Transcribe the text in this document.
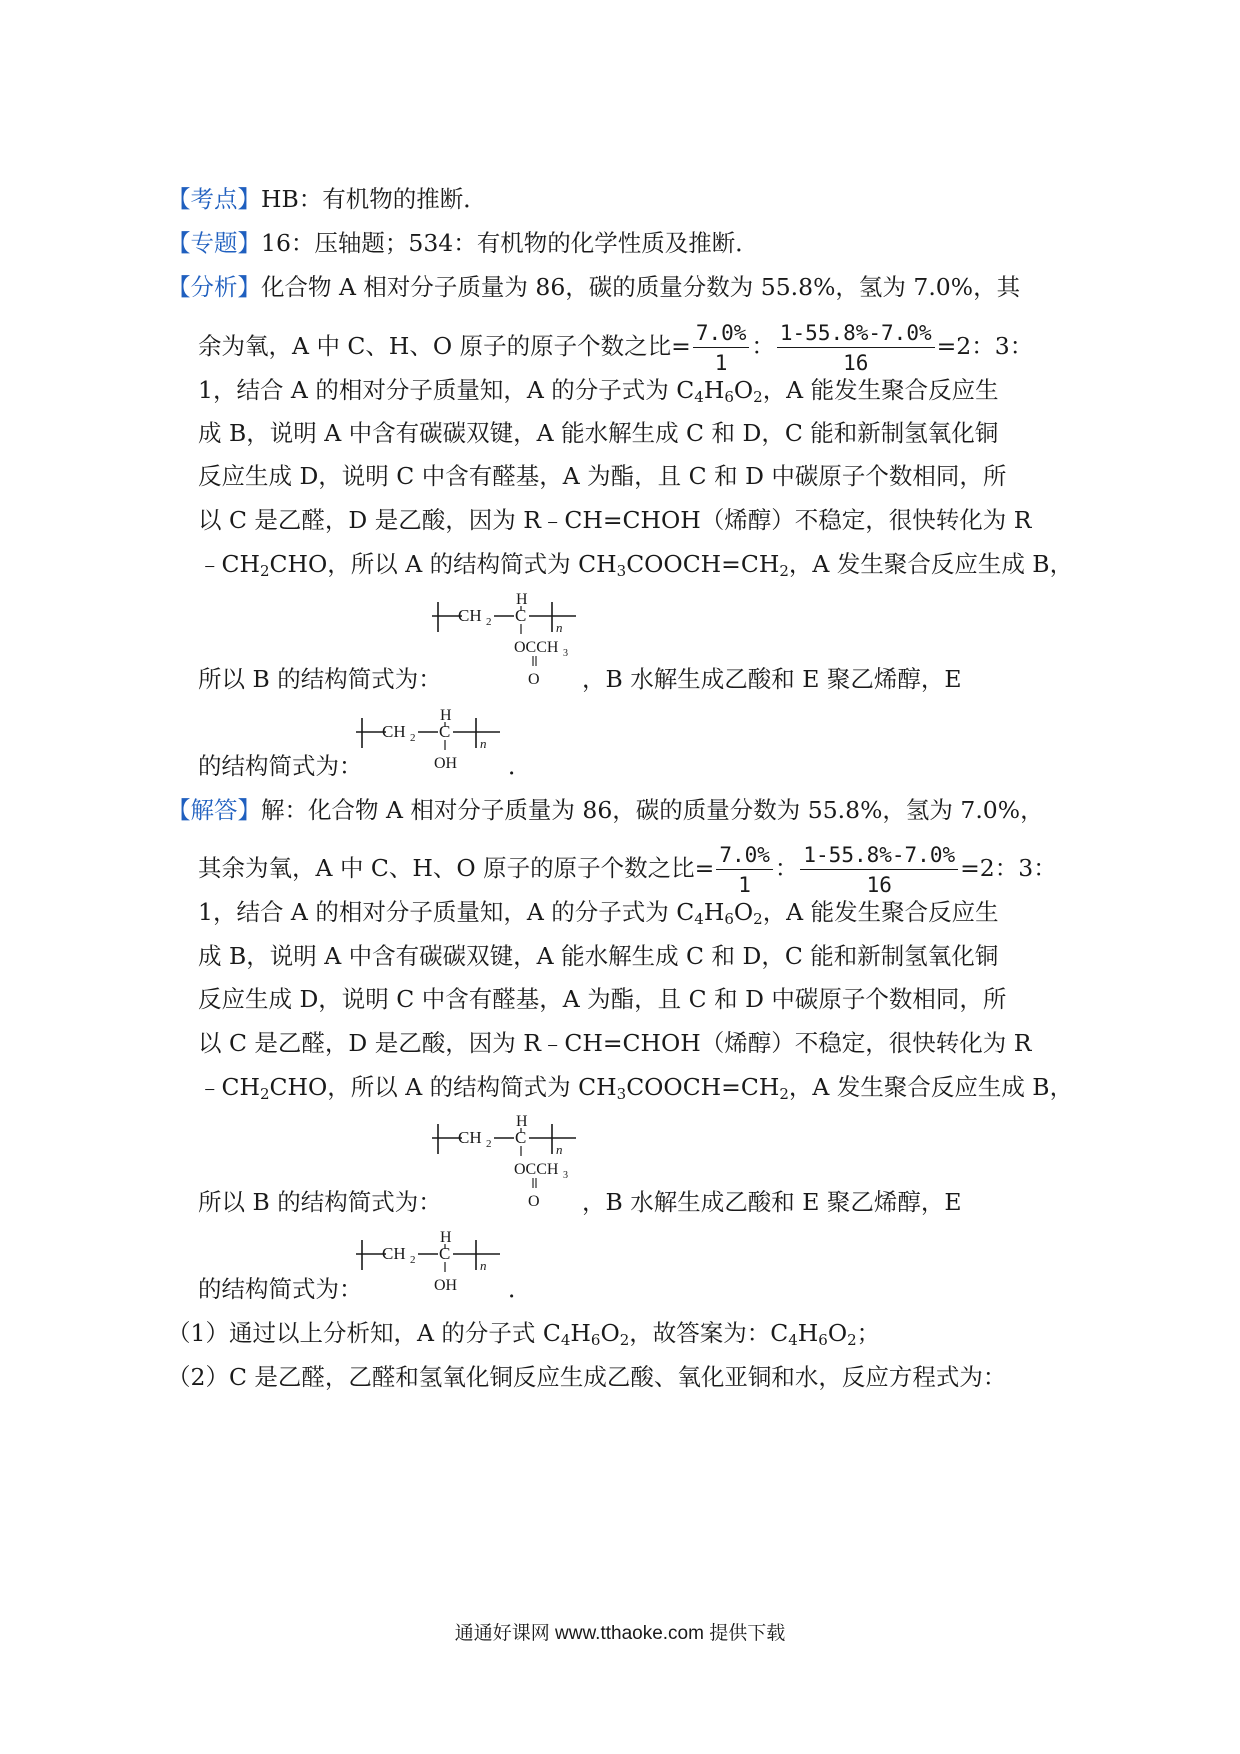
【考点】HB：有机物的推断．
【专题】16：压轴题；534：有机物的化学性质及推断．
【分析】化合物 A 相对分子质量为 86，碳的质量分数为 55.8%，氢为 7.0%，其
余为氧，A 中 C、H、O 原子的原子个数之比= $\frac{7.0\%}{1}$ ： $\frac{1-55.8\%-7.0\%}{16} =2$：3：
1，结合 A 的相对分子质量知，A 的分子式为 $C_4H_6O_2$，A 能发生聚合反应生
成 B，说明 A 中含有碳碳双键，A 能水解生成 C 和 D，C 能和新制氢氧化铜
反应生成 D，说明 C 中含有醛基，A 为酯，且 C 和 D 中碳原子个数相同，所
以 C 是乙醛，D 是乙酸，因为 R﹣CH=CHOH（烯醇）不稳定，很快转化为 R
$﹣CH_2CHO$，所以 A 的结构简式为 $CH_3COOCH=CH_2$，A 发生聚合反应生成 B，
CH 2
H
C
n
OCCH 3
O
所以 B 的结构简式为：	，B 水解生成乙酸和 E 聚乙烯醇，E
CH 2
H
C
n
OH
的结构简式为：	．
【解答】解：化合物 A 相对分子质量为 86，碳的质量分数为 55.8%，氢为 7.0%，
其余为氧，A 中 C、H、O 原子的原子个数之比= $\frac{7.0\%}{1}$ ： $\frac{1-55.8\%-7.0\%}{16} =2$：3：
1，结合 A 的相对分子质量知，A 的分子式为 $C_4H_6O_2$，A 能发生聚合反应生
成 B，说明 A 中含有碳碳双键，A 能水解生成 C 和 D，C 能和新制氢氧化铜
反应生成 D，说明 C 中含有醛基，A 为酯，且 C 和 D 中碳原子个数相同，所
以 C 是乙醛，D 是乙酸，因为 R﹣CH=CHOH（烯醇）不稳定，很快转化为 R
$﹣CH_2CHO$，所以 A 的结构简式为 $CH_3COOCH=CH_2$，A 发生聚合反应生成 B，
CH 2
H
C
n
OCCH 3
O
所以 B 的结构简式为：	，B 水解生成乙酸和 E 聚乙烯醇，E
CH 2
H
C
n
OH
的结构简式为：	．
（1）通过以上分析知，A 的分子式 $C_4H_6O_2$，故答案为：$C_4H_6O_2$；
（2）C 是乙醛，乙醛和氢氧化铜反应生成乙酸、氧化亚铜和水，反应方程式为：
通通好课网 www.tthaoke.com 提供下载
